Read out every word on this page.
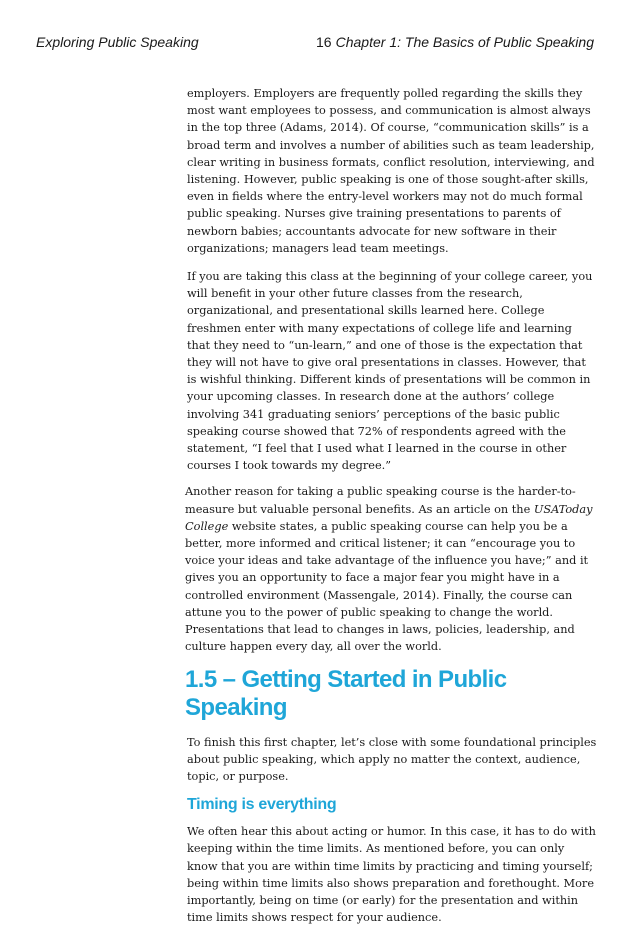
Exploring Public Speaking	16 Chapter 1: The Basics of Public Speaking

employers. Employers are frequently polled regarding the skills they most want employees to possess, and communication is almost always in the top three (Adams, 2014). Of course, “communication skills” is a broad term and involves a number of abilities such as team leadership, clear writing in business formats, conflict resolution, interviewing, and listening. However, public speaking is one of those sought-after skills, even in fields where the entry-level workers may not do much formal public speaking. Nurses give training presentations to parents of newborn babies; accountants advocate for new software in their organizations; managers lead team meetings.

If you are taking this class at the beginning of your college career, you will benefit in your other future classes from the research, organizational, and presentational skills learned here. College freshmen enter with many expectations of college life and learning that they need to “un-learn,” and one of those is the expectation that they will not have to give oral presentations in classes. However, that is wishful thinking. Different kinds of presentations will be common in your upcoming classes. In research done at the authors’ college involving 341 graduating seniors’ perceptions of the basic public speaking course showed that 72% of respondents agreed with the statement, “I feel that I used what I learned in the course in other courses I took towards my degree.”

Another reason for taking a public speaking course is the harder-to-measure but valuable personal benefits. As an article on the USAToday College website states, a public speaking course can help you be a better, more informed and critical listener; it can “encourage you to voice your ideas and take advantage of the influence you have;” and it gives you an opportunity to face a major fear you might have in a controlled environment (Massengale, 2014). Finally, the course can attune you to the power of public speaking to change the world. Presentations that lead to changes in laws, policies, leadership, and culture happen every day, all over the world.

1.5 – Getting Started in Public Speaking

To finish this first chapter, let’s close with some foundational principles about public speaking, which apply no matter the context, audience, topic, or purpose.

Timing is everything

We often hear this about acting or humor. In this case, it has to do with keeping within the time limits. As mentioned before, you can only know that you are within time limits by practicing and timing yourself; being within time limits also shows preparation and forethought. More importantly, being on time (or early) for the presentation and within time limits shows respect for your audience.
